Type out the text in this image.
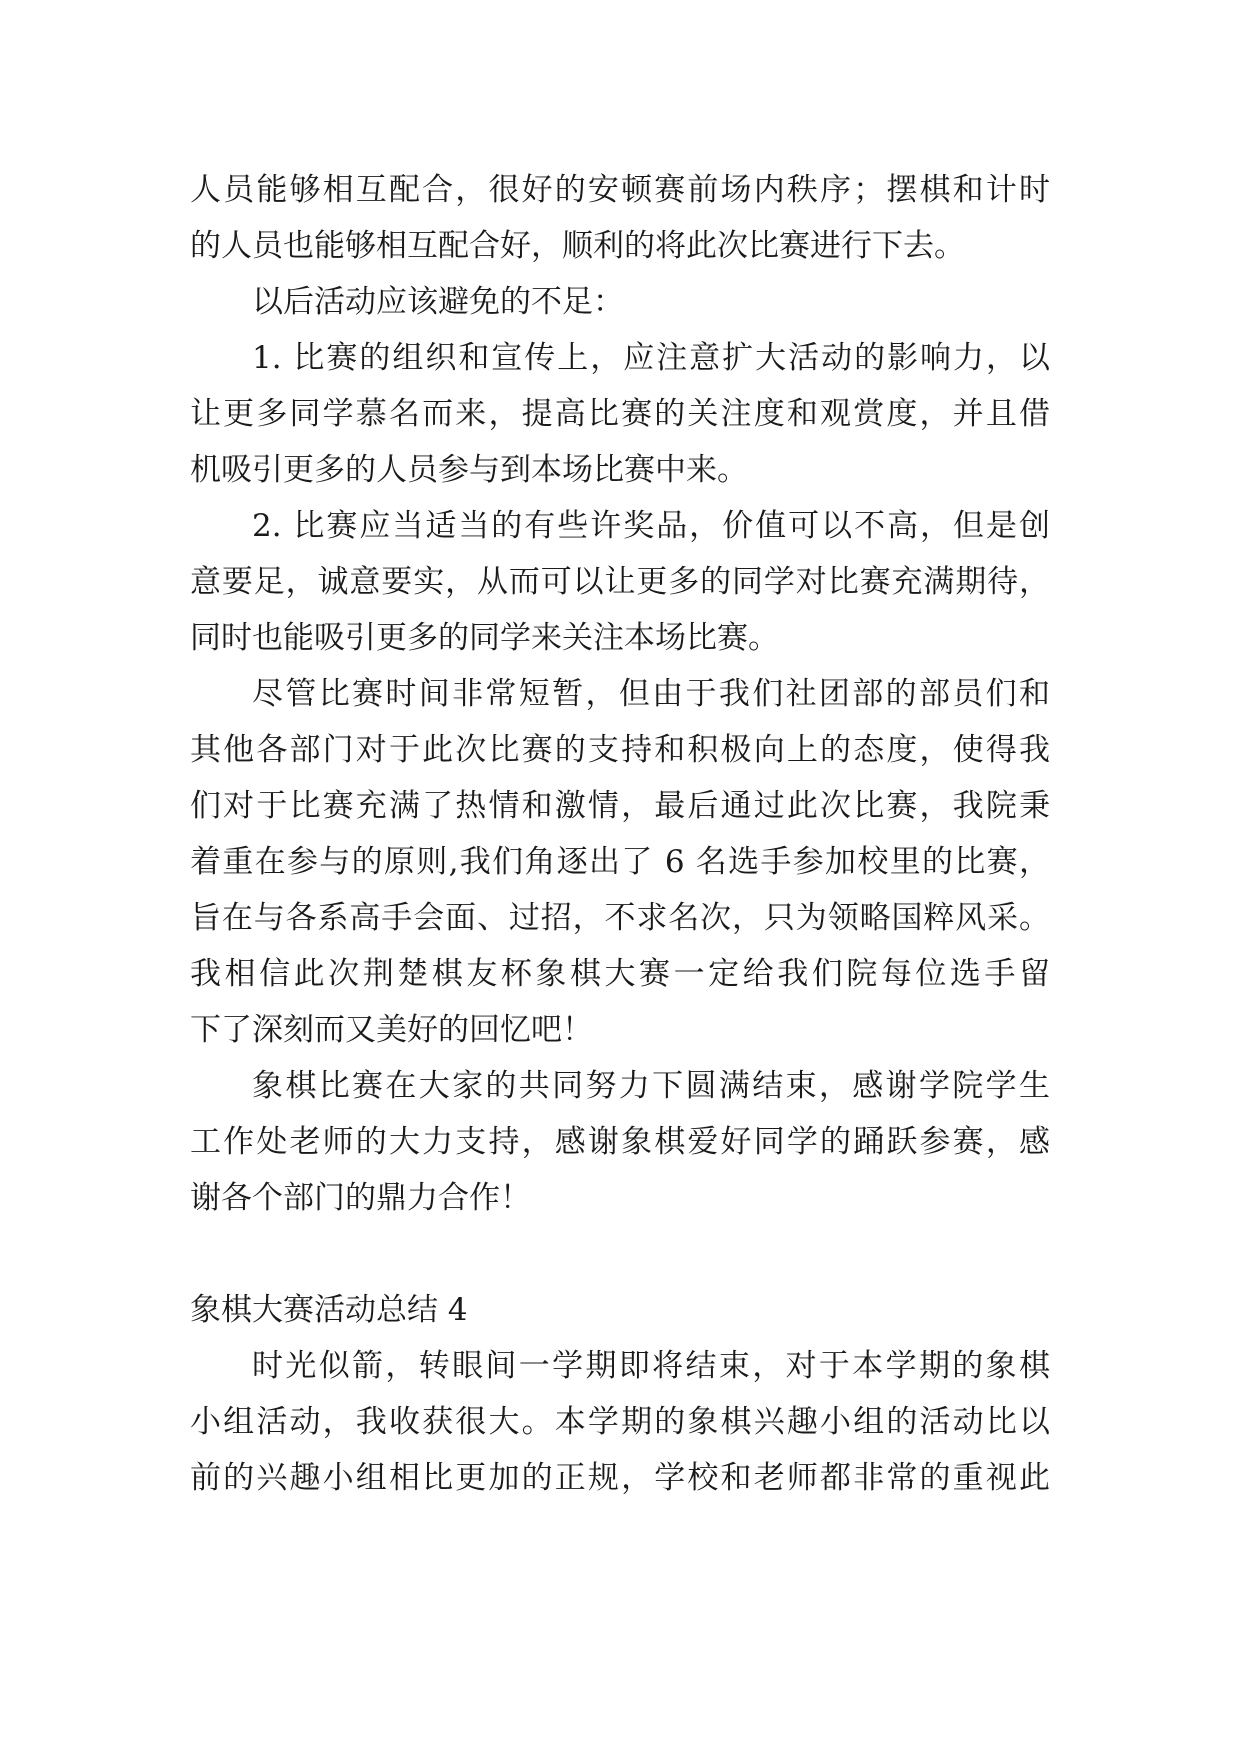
人员能够相互配合，很好的安顿赛前场内秩序；摆棋和计时
的人员也能够相互配合好，顺利的将此次比赛进行下去。
以后活动应该避免的不足：
1. 比赛的组织和宣传上，应注意扩大活动的影响力，以
让更多同学慕名而来，提高比赛的关注度和观赏度，并且借
机吸引更多的人员参与到本场比赛中来。
2. 比赛应当适当的有些许奖品，价值可以不高，但是创
意要足，诚意要实，从而可以让更多的同学对比赛充满期待，
同时也能吸引更多的同学来关注本场比赛。
尽管比赛时间非常短暂，但由于我们社团部的部员们和
其他各部门对于此次比赛的支持和积极向上的态度，使得我
们对于比赛充满了热情和激情，最后通过此次比赛，我院秉
着重在参与的原则,我们角逐出了 6 名选手参加校里的比赛，
旨在与各系高手会面、过招，不求名次，只为领略国粹风采。
我相信此次荆楚棋友杯象棋大赛一定给我们院每位选手留
下了深刻而又美好的回忆吧！
象棋比赛在大家的共同努力下圆满结束，感谢学院学生
工作处老师的大力支持，感谢象棋爱好同学的踊跃参赛，感
谢各个部门的鼎力合作！
象棋大赛活动总结 4
时光似箭，转眼间一学期即将结束，对于本学期的象棋
小组活动，我收获很大。本学期的象棋兴趣小组的活动比以
前的兴趣小组相比更加的正规，学校和老师都非常的重视此
